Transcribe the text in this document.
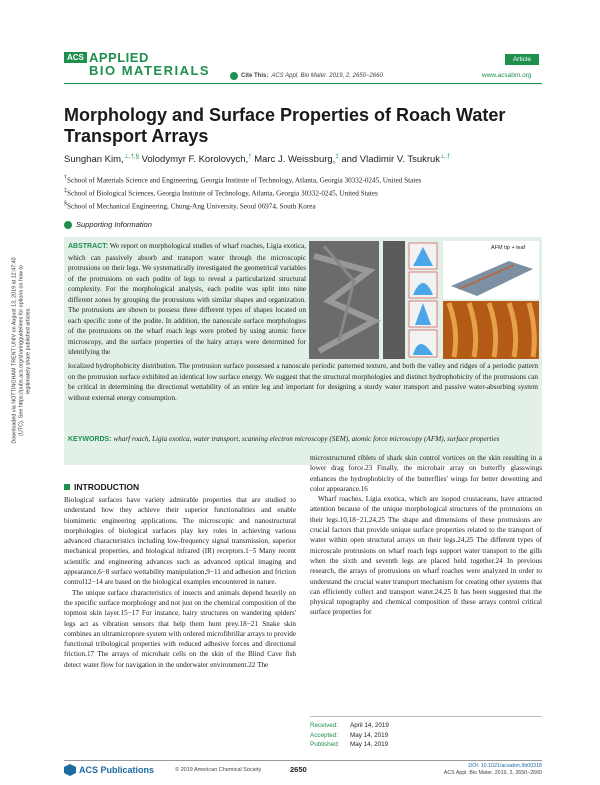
ACS APPLIED
BIO MATERIALS	Cite This: ACS Appl. Bio Mater. 2019, 2, 2650−2660
Article
www.acsabm.org
Morphology and Surface Properties of Roach Water Transport Arrays
Sunghan Kim,⊥,†,§ Volodymyr F. Korolovych,† Marc J. Weissburg,‡ and Vladimir V. Tsukruk⊥,†
†School of Materials Science and Engineering, Georgia Institute of Technology, Atlanta, Georgia 30332-0245, United States
‡School of Biological Sciences, Georgia Institute of Technology, Atlanta, Georgia 30332-0245, United States
§School of Mechanical Engineering, Chung-Ang University, Seoul 06974, South Korea
Supporting Information
ABSTRACT: We report on morphological studies of wharf roaches, Ligia exotica, which can passively absorb and transport water through the microscopic protrusions on their legs. We systematically investigated the geometrical variables of the protrusions on each podite of legs to reveal a particularized structural complexity. For the morphological analysis, each podite was split into nine different zones by grouping the protrusions with similar shapes and organization. The protrusions are shown to possess three different types of shapes located on each specific zone of the podite. In addition, the nanoscale surface morphologies of the protrusions on the wharf roach legs were probed by using atomic force microscopy, and the surface properties of the hairy arrays were determined for identifying the
AFM tip + leaf
localized hydrophobicity distribution. The protrusion surface possessed a nanoscale periodic patterned texture, and both the valley and ridges of a periodic pattern on the protrusion surface exhibited an identical low surface energy. We suggest that the structural morphologies and distinct hydrophobicity of the protrusions can be critical in determining the directional wettability of an entire leg and important for designing a sturdy water transport and passive water-absorbing system without external energy consumption.
KEYWORDS: wharf roach, Ligia exotica, water transport, scanning electron microscopy (SEM), atomic force microscopy (AFM), surface properties
Downloaded via NOTTINGHAM TRENT UNIV on August 13, 2019 at 12:47:40 (UTC). See https://pubs.acs.org/sharingguidelines for options on how to legitimately share published articles.
INTRODUCTION

Biological surfaces have variety admirable properties that are studied to understand how they achieve their superior functionalities and enable biomimetic engineering applications. The microscopic and nanostructural morphologies of biological surfaces play key roles in achieving various advanced characteristics including low-frequency signal transmission, superior mechanical properties, and biological infrared (IR) receptors.1−5 Many recent scientific and engineering advances such as advanced optical imaging and appearance,6−8 surface wettability manipulation,9−11 and adhesion and friction control12−14 are based on the biological examples encountered in nature.

The unique surface characteristics of insects and animals depend heavily on the specific surface morphology and not just on the chemical composition of the topmost skin layer.15−17 For instance, hairy structures on wandering spiders' legs act as vibration sensors that help them hunt prey.18−21 Snake skin combines an ultramicropore system with ordered microfibrillar arrays to provide functional tribological properties with reduced adhesive forces and directional friction.17 The arrays of microhair cells on the skin of the Blind Cave fish detect water flow for navigation in the underwater environment.22 The

microstructured riblets of shark skin control vortices on the skin resulting in a lower drag force.23 Finally, the microhair array on butterfly glasswings enhances the hydrophobicity of the butterflies' wings for better dewetting and color appearance.16

Wharf roaches, Ligia exotica, which are isopod crustaceans, have attracted attention because of the unique morphological structures of the protrusions on their legs.10,18−21,24,25 The shape and dimensions of these protrusions are crucial factors that provide unique surface properties related to the transport of water within open structural arrays on their legs.24,25 The different types of microscale protrusions on wharf roach legs support water transport to the gills when the sixth and seventh legs are placed held together.24 In previous research, the arrays of protrusions on wharf roaches were analyzed in order to understand the crucial water transport mechanism for creating other systems that can efficiently collect and transport water.24,25 It has been suggested that the physical topography and chemical composition of these arrays control critical surface properties for

Received:	April 14, 2019
Accepted:	May 14, 2019
Published:	May 14, 2019
ACS Publications	© 2019 American Chemical Society	2650	DOI: 10.1021/acsabm.9b00318
ACS Appl. Bio Mater. 2019, 2, 2650−2660
